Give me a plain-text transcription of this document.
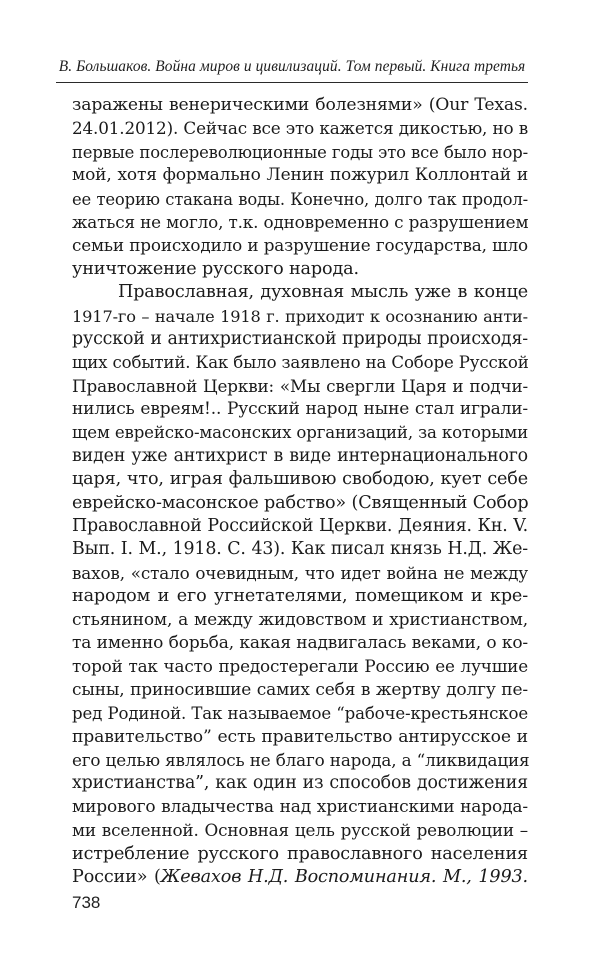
В. Большаков. Война миров и цивилизаций. Том первый. Книга третья
заражены венерическими болезнями» (Our Texas.
24.01.2012). Сейчас все это кажется дикостью, но в
первые послереволюционные годы это все было нор-
мой, хотя формально Ленин пожурил Коллонтай и
ее теорию стакана воды. Конечно, долго так продол-
жаться не могло, т.к. одновременно с разрушением
семьи происходило и разрушение государства, шло
уничтожение русского народа.
Православная, духовная мысль уже в конце
1917-го – начале 1918 г. приходит к осознанию анти-
русской и антихристианской природы происходя-
щих событий. Как было заявлено на Соборе Русской
Православной Церкви: «Мы свергли Царя и подчи-
нились евреям!.. Русский народ ныне стал играли-
щем еврейско-масонских организаций, за которыми
виден уже антихрист в виде интернационального
царя, что, играя фальшивою свободою, кует себе
еврейско-масонское рабство» (Священный Собор
Православной Российской Церкви. Деяния. Кн. V.
Вып. I. М., 1918. С. 43). Как писал князь Н.Д. Же-
вахов, «стало очевидным, что идет война не между
народом и его угнетателями, помещиком и кре-
стьянином, а между жидовством и христианством,
та именно борьба, какая надвигалась веками, о ко-
торой так часто предостерегали Россию ее лучшие
сыны, приносившие самих себя в жертву долгу пе-
ред Родиной. Так называемое “рабоче-крестьянское
правительство” есть правительство антирусское и
его целью являлось не благо народа, а “ликвидация
христианства”, как один из способов достижения
мирового владычества над христианскими народа-
ми вселенной. Основная цель русской революции –
истребление русского православного населения
России» (Жевахов Н.Д. Воспоминания. М., 1993.
738
